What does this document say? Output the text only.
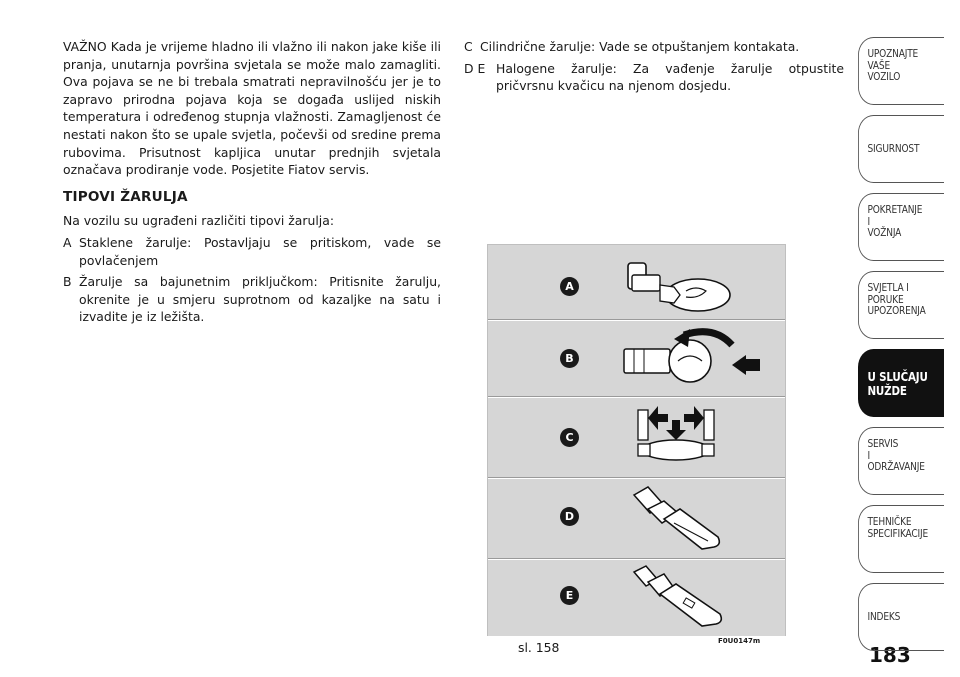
VAŽNO Kada je vrijeme hladno ili vlažno ili nakon jake kiše ili pranja, unutarnja površina svjetala se može malo zamagliti. Ova pojava se ne bi trebala smatrati nepravilnošću jer je to zapravo prirodna pojava koja se događa uslijed niskih temperatura i određenog stupnja vlažnosti. Zamagljenost će nestati nakon što se upale svjetla, počevši od sredine prema rubovima. Prisutnost kapljica unutar prednjih svjetala označava prodiranje vode. Posjetite Fiatov servis.

TIPOVI ŽARULJA

Na vozilu su ugrađeni različiti tipovi žarulja:

A Staklene žarulje: Postavljaju se pritiskom, vade se povlačenjem
B Žarulje sa bajunetnim priključkom: Pritisnite žarulju, okrenite je u smjeru suprotnom od kazaljke na satu i izvadite je iz ležišta.
C Cilindrične žarulje: Vade se otpuštanjem kontakata.
D E Halogene žarulje: Za vađenje žarulje otpustite pričvrsnu kvačicu na njenom dosjedu.
A
B
C
D
E
sl. 158	F0U0147m
183
UPOZNAJTE
VAŠE
VOZILO
SIGURNOST
POKRETANJE
I
VOŽNJA
SVJETLA I
PORUKE
UPOZORENJA
U SLUČAJU
NUŽDE
SERVIS
I
ODRŽAVANJE
TEHNIČKE
SPECIFIKACIJE
INDEKS
